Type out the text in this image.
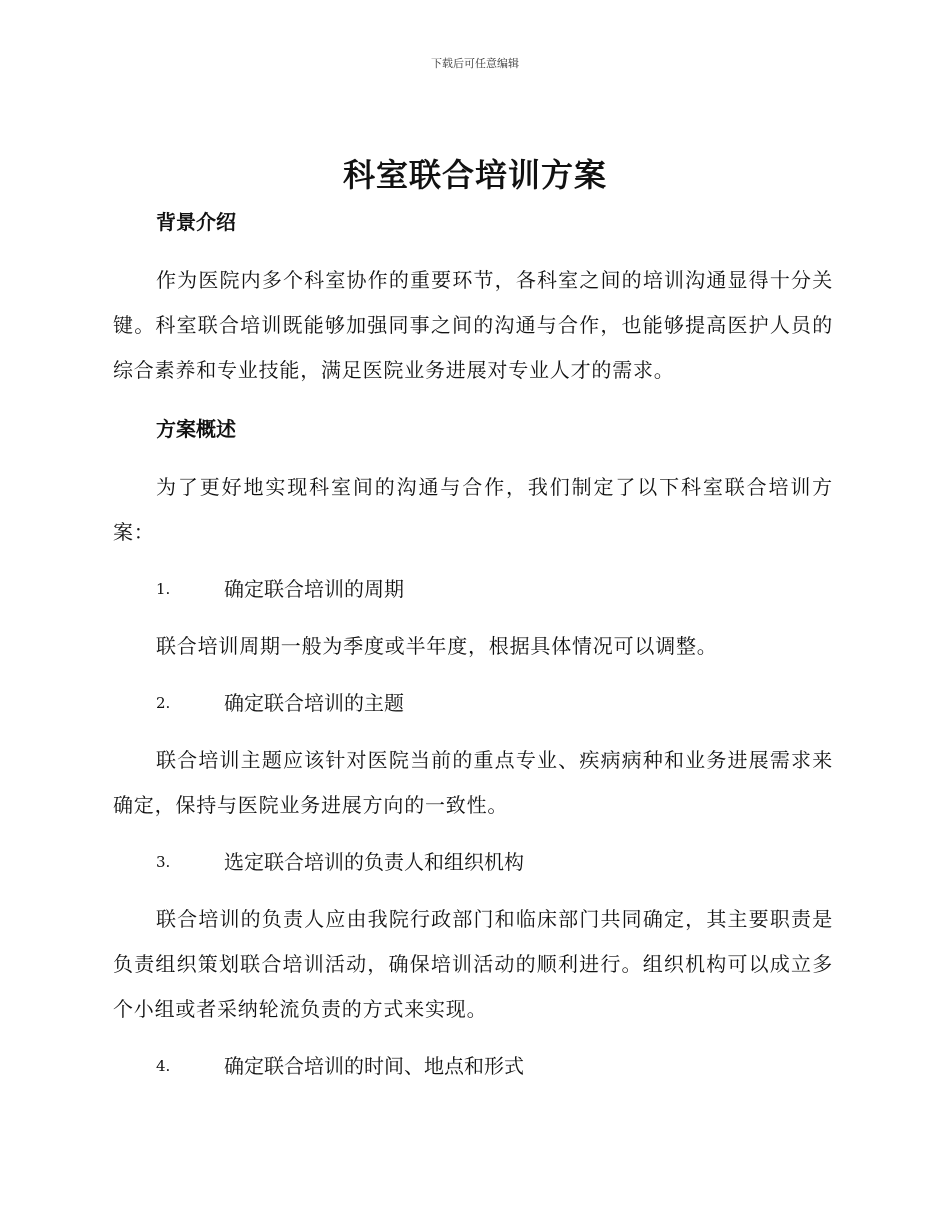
下载后可任意编辑
科室联合培训方案

背景介绍

作为医院内多个科室协作的重要环节，各科室之间的培训沟通显得十分关键。科室联合培训既能够加强同事之间的沟通与合作，也能够提高医护人员的综合素养和专业技能，满足医院业务进展对专业人才的需求。

方案概述

为了更好地实现科室间的沟通与合作，我们制定了以下科室联合培训方案：

1.	确定联合培训的周期

联合培训周期一般为季度或半年度，根据具体情况可以调整。

2.	确定联合培训的主题

联合培训主题应该针对医院当前的重点专业、疾病病种和业务进展需求来确定，保持与医院业务进展方向的一致性。

3.	选定联合培训的负责人和组织机构

联合培训的负责人应由我院行政部门和临床部门共同确定，其主要职责是负责组织策划联合培训活动，确保培训活动的顺利进行。组织机构可以成立多个小组或者采纳轮流负责的方式来实现。

4.	确定联合培训的时间、地点和形式
